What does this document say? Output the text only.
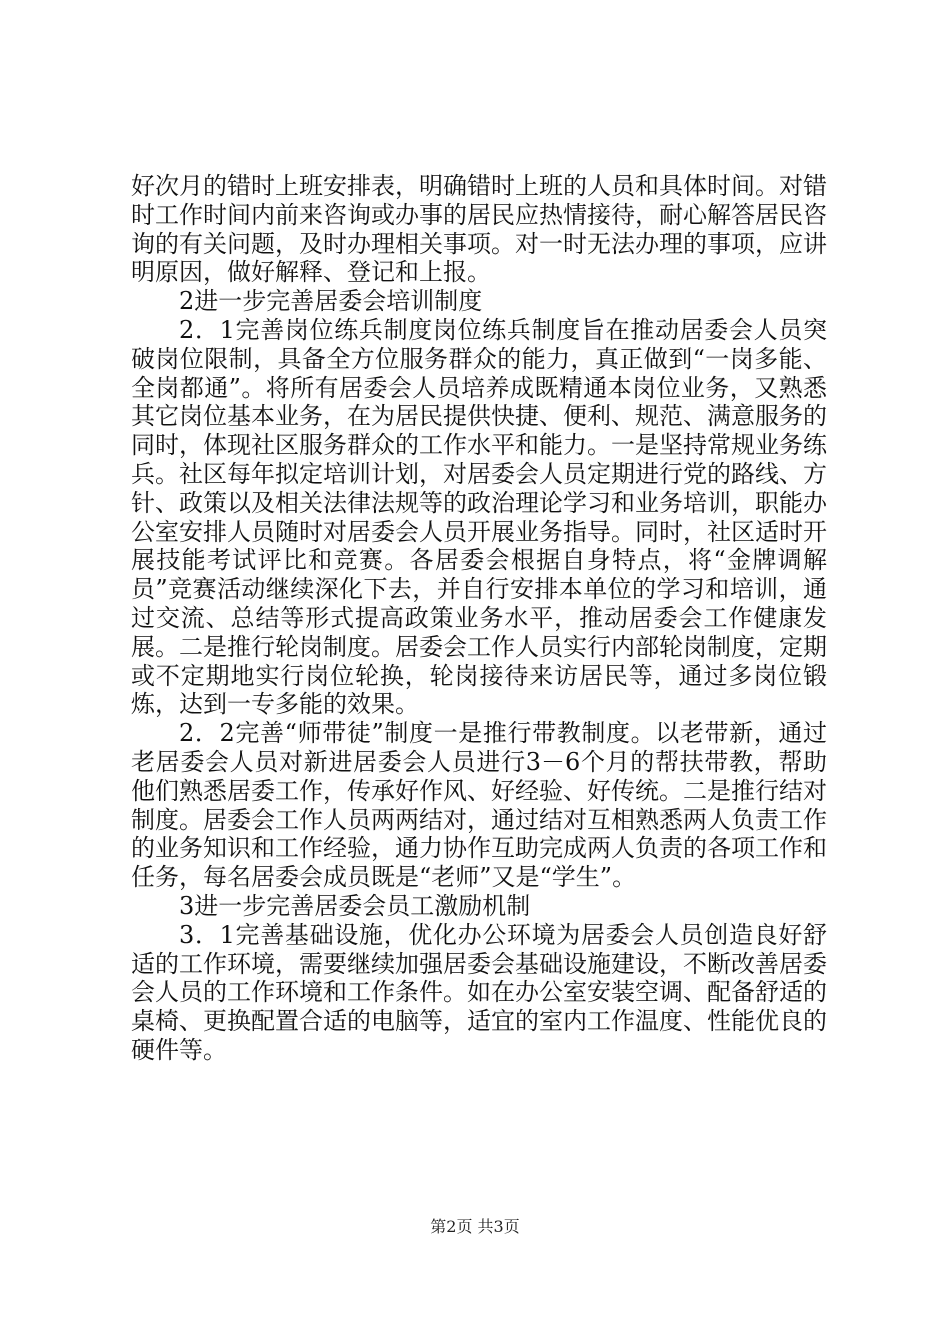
好次月的错时上班安排表，明确错时上班的人员和具体时间。对错时工作时间内前来咨询或办事的居民应热情接待，耐心解答居民咨询的有关问题，及时办理相关事项。对一时无法办理的事项，应讲明原因，做好解释、登记和上报。

2进一步完善居委会培训制度

2．1完善岗位练兵制度岗位练兵制度旨在推动居委会人员突破岗位限制，具备全方位服务群众的能力，真正做到“一岗多能、全岗都通”。将所有居委会人员培养成既精通本岗位业务，又熟悉其它岗位基本业务，在为居民提供快捷、便利、规范、满意服务的同时，体现社区服务群众的工作水平和能力。一是坚持常规业务练兵。社区每年拟定培训计划，对居委会人员定期进行党的路线、方针、政策以及相关法律法规等的政治理论学习和业务培训，职能办公室安排人员随时对居委会人员开展业务指导。同时，社区适时开展技能考试评比和竞赛。各居委会根据自身特点，将“金牌调解员”竞赛活动继续深化下去，并自行安排本单位的学习和培训，通过交流、总结等形式提高政策业务水平，推动居委会工作健康发展。二是推行轮岗制度。居委会工作人员实行内部轮岗制度，定期或不定期地实行岗位轮换，轮岗接待来访居民等，通过多岗位锻炼，达到一专多能的效果。

2．2完善“师带徒”制度一是推行带教制度。以老带新，通过老居委会人员对新进居委会人员进行3－6个月的帮扶带教，帮助他们熟悉居委工作，传承好作风、好经验、好传统。二是推行结对制度。居委会工作人员两两结对，通过结对互相熟悉两人负责工作的业务知识和工作经验，通力协作互助完成两人负责的各项工作和任务，每名居委会成员既是“老师”又是“学生”。

3进一步完善居委会员工激励机制

3．1完善基础设施，优化办公环境为居委会人员创造良好舒适的工作环境，需要继续加强居委会基础设施建设，不断改善居委会人员的工作环境和工作条件。如在办公室安装空调、配备舒适的桌椅、更换配置合适的电脑等，适宜的室内工作温度、性能优良的硬件等。

第2页 共3页
